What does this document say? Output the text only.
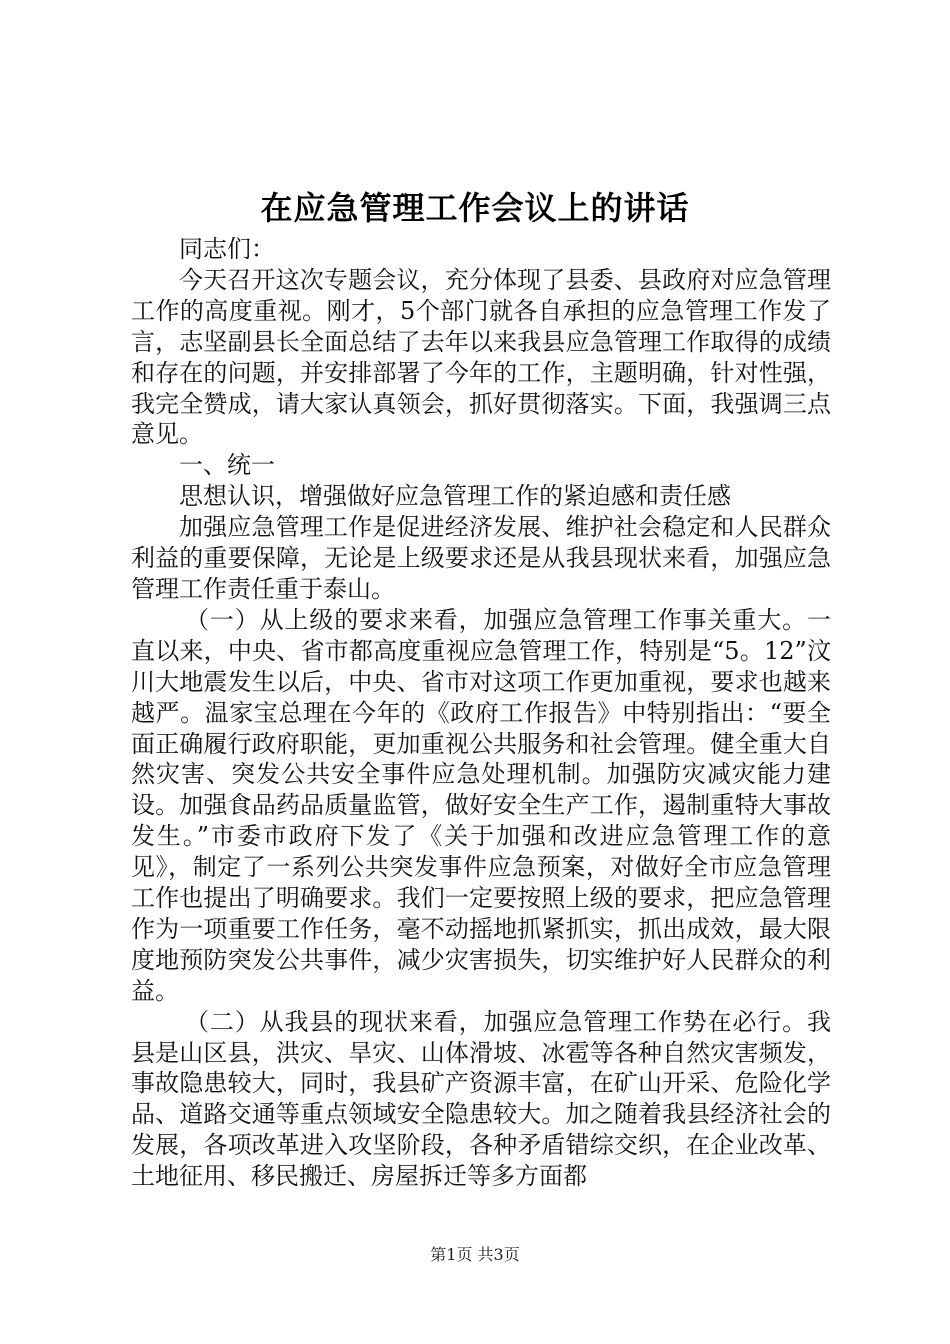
在应急管理工作会议上的讲话

同志们：

今天召开这次专题会议，充分体现了县委、县政府对应急管理工作的高度重视。刚才，5个部门就各自承担的应急管理工作发了言，志坚副县长全面总结了去年以来我县应急管理工作取得的成绩和存在的问题，并安排部署了今年的工作，主题明确，针对性强，我完全赞成，请大家认真领会，抓好贯彻落实。下面，我强调三点意见。

一、统一

思想认识，增强做好应急管理工作的紧迫感和责任感

加强应急管理工作是促进经济发展、维护社会稳定和人民群众利益的重要保障，无论是上级要求还是从我县现状来看，加强应急管理工作责任重于泰山。

（一）从上级的要求来看，加强应急管理工作事关重大。一直以来，中央、省市都高度重视应急管理工作，特别是“5。12”汶川大地震发生以后，中央、省市对这项工作更加重视，要求也越来越严。温家宝总理在今年的《政府工作报告》中特别指出：“要全面正确履行政府职能，更加重视公共服务和社会管理。健全重大自然灾害、突发公共安全事件应急处理机制。加强防灾减灾能力建设。加强食品药品质量监管，做好安全生产工作，遏制重特大事故发生。”市委市政府下发了《关于加强和改进应急管理工作的意见》，制定了一系列公共突发事件应急预案，对做好全市应急管理工作也提出了明确要求。我们一定要按照上级的要求，把应急管理作为一项重要工作任务，毫不动摇地抓紧抓实，抓出成效，最大限度地预防突发公共事件，减少灾害损失，切实维护好人民群众的利益。

（二）从我县的现状来看，加强应急管理工作势在必行。我县是山区县，洪灾、旱灾、山体滑坡、冰雹等各种自然灾害频发，事故隐患较大，同时，我县矿产资源丰富，在矿山开采、危险化学品、道路交通等重点领域安全隐患较大。加之随着我县经济社会的发展，各项改革进入攻坚阶段，各种矛盾错综交织，在企业改革、土地征用、移民搬迁、房屋拆迁等多方面都

第1页 共3页
